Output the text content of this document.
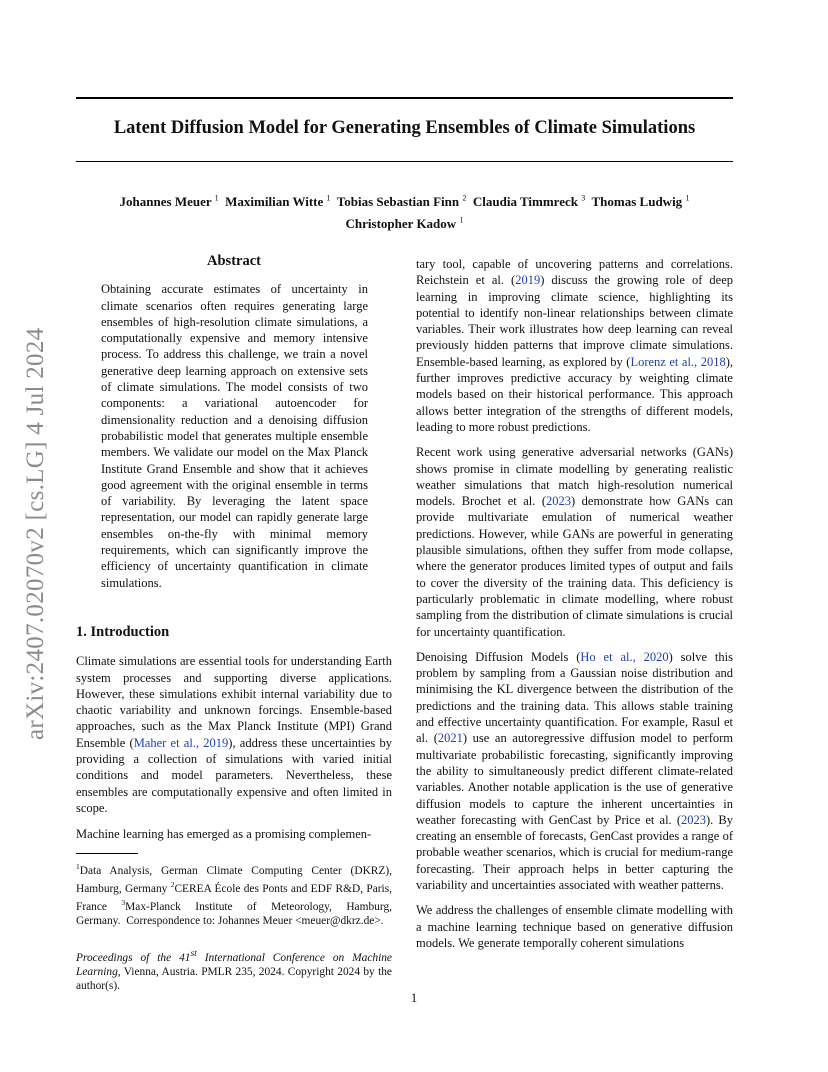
Latent Diffusion Model for Generating Ensembles of Climate Simulations
Johannes Meuer $^1$ Maximilian Witte $^1$ Tobias Sebastian Finn $^2$ Claudia Timmreck $^3$ Thomas Ludwig $^1$
Christopher Kadow $^1$
arXiv:2407.02070v2 [cs.LG] 4 Jul 2024
Abstract
Obtaining accurate estimates of uncertainty in climate scenarios often requires generating large ensembles of high-resolution climate simulations, a computationally expensive and memory intensive process. To address this challenge, we train a novel generative deep learning approach on extensive sets of climate simulations. The model consists of two components: a variational autoencoder for dimensionality reduction and a denoising diffusion probabilistic model that generates multiple ensemble members. We validate our model on the Max Planck Institute Grand Ensemble and show that it achieves good agreement with the original ensemble in terms of variability. By leveraging the latent space representation, our model can rapidly generate large ensembles on-the-fly with minimal memory requirements, which can significantly improve the efficiency of uncertainty quantification in climate simulations.
1. Introduction

Climate simulations are essential tools for understanding Earth system processes and supporting diverse applications. However, these simulations exhibit internal variability due to chaotic variability and unknown forcings. Ensemble-based approaches, such as the Max Planck Institute (MPI) Grand Ensemble (Maher et al., 2019), address these uncertainties by providing a collection of simulations with varied initial conditions and model parameters. Nevertheless, these ensembles are computationally expensive and often limited in scope.

Machine learning has emerged as a promising complemen-

$^1$Data Analysis, German Climate Computing Center (DKRZ), Hamburg, Germany $^2$CEREA École des Ponts and EDF R&D, Paris, France $^3$Max-Planck Institute of Meteorology, Hamburg, Germany. Correspondence to: Johannes Meuer <meuer@dkrz.de>.
Proceedings of the 41st International Conference on Machine Learning, Vienna, Austria. PMLR 235, 2024. Copyright 2024 by the author(s).

tary tool, capable of uncovering patterns and correlations. Reichstein et al. (2019) discuss the growing role of deep learning in improving climate science, highlighting its potential to identify non-linear relationships between climate variables. Their work illustrates how deep learning can reveal previously hidden patterns that improve climate simulations. Ensemble-based learning, as explored by (Lorenz et al., 2018), further improves predictive accuracy by weighting climate models based on their historical performance. This approach allows better integration of the strengths of different models, leading to more robust predictions.

Recent work using generative adversarial networks (GANs) shows promise in climate modelling by generating realistic weather simulations that match high-resolution numerical models. Brochet et al. (2023) demonstrate how GANs can provide multivariate emulation of numerical weather predictions. However, while GANs are powerful in generating plausible simulations, ofthen they suffer from mode collapse, where the generator produces limited types of output and fails to cover the diversity of the training data. This deficiency is particularly problematic in climate modelling, where robust sampling from the distribution of climate simulations is crucial for uncertainty quantification.

Denoising Diffusion Models (Ho et al., 2020) solve this problem by sampling from a Gaussian noise distribution and minimising the KL divergence between the distribution of the predictions and the training data. This allows stable training and effective uncertainty quantification. For example, Rasul et al. (2021) use an autoregressive diffusion model to perform multivariate probabilistic forecasting, significantly improving the ability to simultaneously predict different climate-related variables. Another notable application is the use of generative diffusion models to capture the inherent uncertainties in weather forecasting with GenCast by Price et al. (2023). By creating an ensemble of forecasts, GenCast provides a range of probable weather scenarios, which is crucial for medium-range forecasting. Their approach helps in better capturing the variability and uncertainties associated with weather patterns.

We address the challenges of ensemble climate modelling with a machine learning technique based on generative diffusion models. We generate temporally coherent simulations

1
